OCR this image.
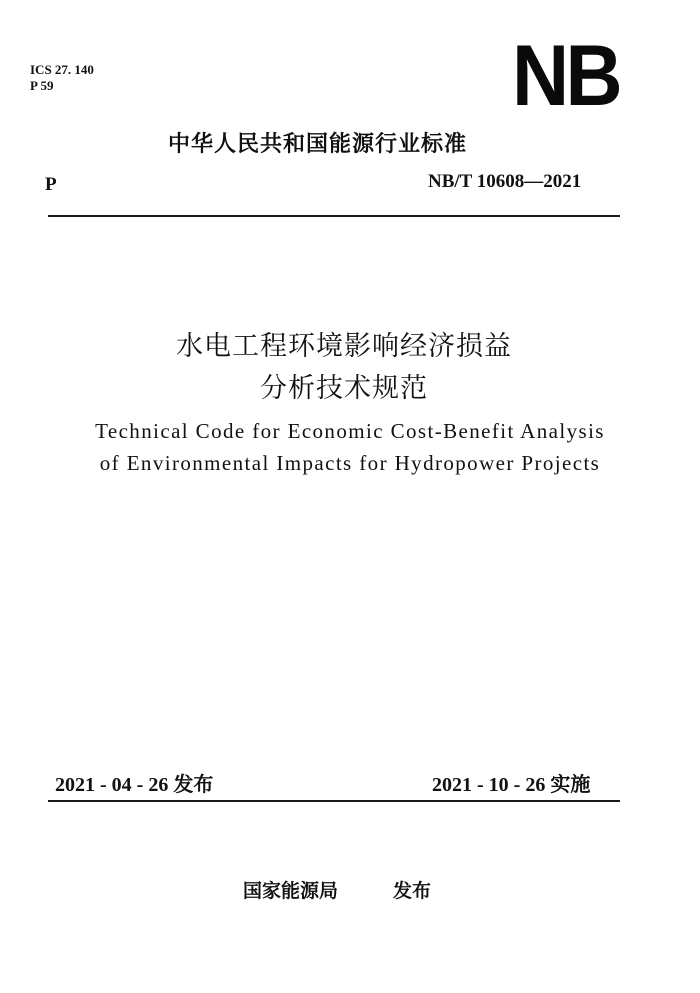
ICS 27. 140
P 59	NB
中华人民共和国能源行业标准
P	NB/T 10608—2021
水电工程环境影响经济损益
分析技术规范
Technical Code for Economic Cost-Benefit Analysis
of Environmental Impacts for Hydropower Projects
2021 - 04 - 26 发布	2021 - 10 - 26 实施
国家能源局	发布
